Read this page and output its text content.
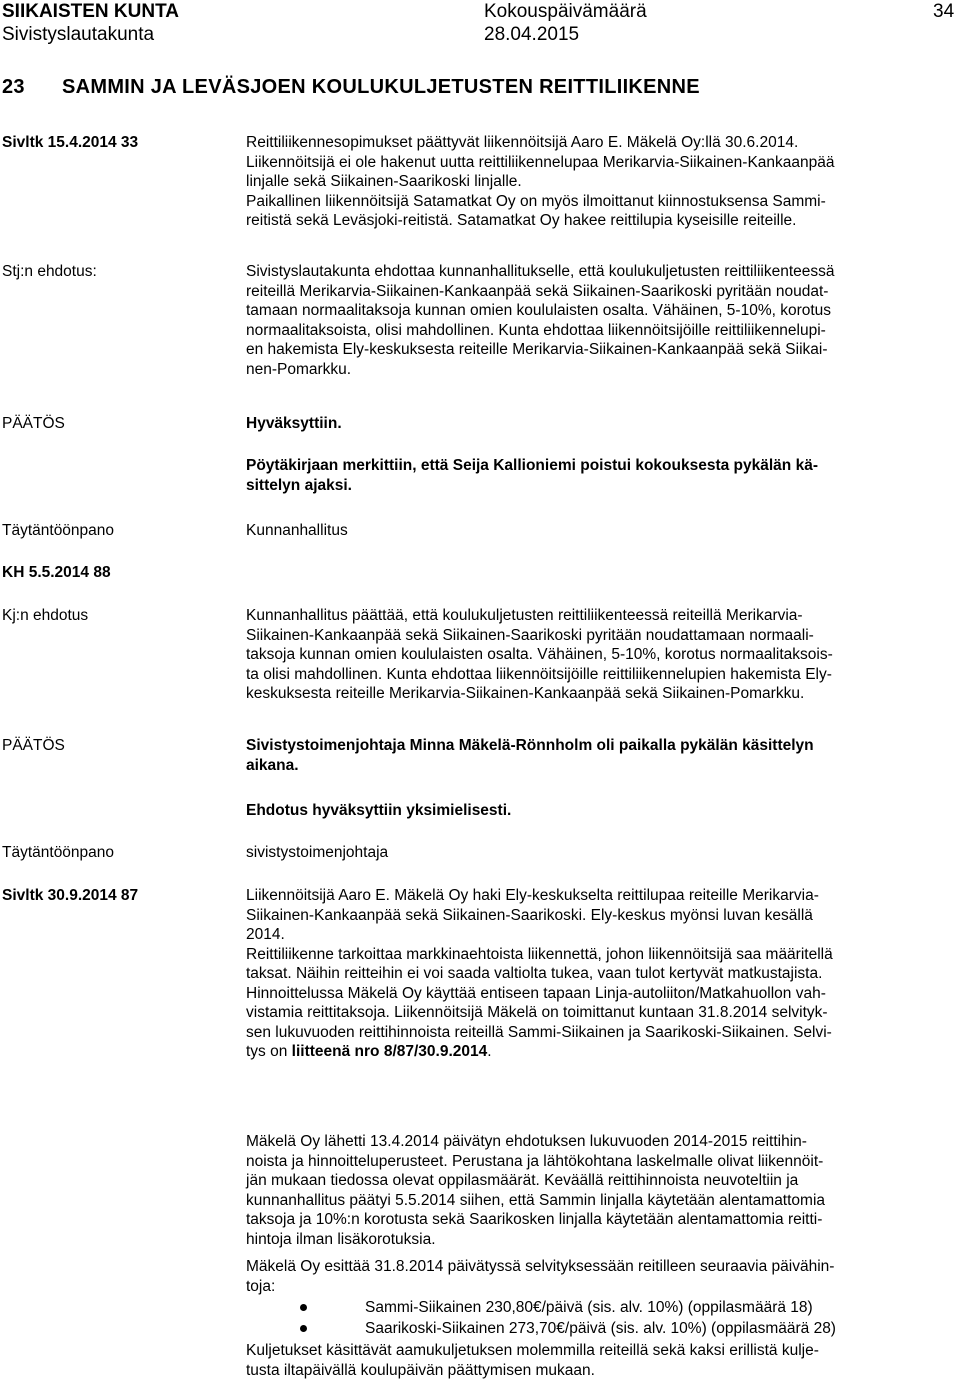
SIIKAISTEN KUNTA
Sivistyslautakunta
Kokouspäivämäärä
28.04.2015
34
23 SAMMIN JA LEVÄSJOEN KOULUKULJETUSTEN REITTILIIKENNE
Sivltk 15.4.2014 33	Reittiliikennesopimukset päättyvät liikennöitsijä Aaro E. Mäkelä Oy:llä 30.6.2014.

Liikennöitsijä ei ole hakenut uutta reittiliikennelupaa Merikarvia-Siikainen-Kankaanpää

linjalle sekä Siikainen-Saarikoski linjalle.

Paikallinen liikennöitsijä Satamatkat Oy on myös ilmoittanut kiinnostuksensa Sammi-

reitistä sekä Leväsjoki-reitistä. Satamatkat Oy hakee reittilupia kyseisille reiteille.

Stj:n ehdotus:	Sivistyslautakunta ehdottaa kunnanhallitukselle, että koulukuljetusten reittiliikenteessä

reiteillä Merikarvia-Siikainen-Kankaanpää sekä Siikainen-Saarikoski pyritään noudat-

tamaan normaalitaksoja kunnan omien koululaisten osalta. Vähäinen, 5-10%, korotus

normaalitaksoista, olisi mahdollinen. Kunta ehdottaa liikennöitsijöille reittiliikennelupi-

en hakemista Ely-keskuksesta reiteille Merikarvia-Siikainen-Kankaanpää sekä Siikai-

nen-Pomarkku.

PÄÄTÖS	Hyväksyttiin.

Pöytäkirjaan merkittiin, että Seija Kallioniemi poistui kokouksesta pykälän kä-

sittelyn ajaksi.

Täytäntöönpano	Kunnanhallitus
KH 5.5.2014 88
Kj:n ehdotus	Kunnanhallitus päättää, että koulukuljetusten reittiliikenteessä reiteillä Merikarvia-

Siikainen-Kankaanpää sekä Siikainen-Saarikoski pyritään noudattamaan normaali-

taksoja kunnan omien koululaisten osalta. Vähäinen, 5-10%, korotus normaalitaksois-

ta olisi mahdollinen. Kunta ehdottaa liikennöitsijöille reittiliikennelupien hakemista Ely-

keskuksesta reiteille Merikarvia-Siikainen-Kankaanpää sekä Siikainen-Pomarkku.

PÄÄTÖS	Sivistystoimenjohtaja Minna Mäkelä-Rönnholm oli paikalla pykälän käsittelyn

aikana.

Ehdotus hyväksyttiin yksimielisesti.
Täytäntöönpano	sivistystoimenjohtaja
Sivltk 30.9.2014 87	Liikennöitsijä Aaro E. Mäkelä Oy haki Ely-keskukselta reittilupaa reiteille Merikarvia-

Siikainen-Kankaanpää sekä Siikainen-Saarikoski. Ely-keskus myönsi luvan kesällä

2014.

Reittiliikenne tarkoittaa markkinaehtoista liikennettä, johon liikennöitsijä saa määritellä

taksat. Näihin reitteihin ei voi saada valtiolta tukea, vaan tulot kertyvät matkustajista.

Hinnoittelussa Mäkelä Oy käyttää entiseen tapaan Linja-autoliiton/Matkahuollon vah-

vistamia reittitaksoja. Liikennöitsijä Mäkelä on toimittanut kuntaan 31.8.2014 selvityk-

sen lukuvuoden reittihinnoista reiteillä Sammi-Siikainen ja Saarikoski-Siikainen. Selvi-

tys on liitteenä nro 8/87/30.9.2014.

Mäkelä Oy lähetti 13.4.2014 päivätyn ehdotuksen lukuvuoden 2014-2015 reittihin-

noista ja hinnoitteluperusteet. Perustana ja lähtökohtana laskelmalle olivat liikennöit-

jän mukaan tiedossa olevat oppilasmäärät. Keväällä reittihinnoista neuvoteltiin ja

kunnanhallitus päätyi 5.5.2014 siihen, että Sammin linjalla käytetään alentamattomia

taksoja ja 10%:n korotusta sekä Saarikosken linjalla käytetään alentamattomia reitti-

hintoja ilman lisäkorotuksia.

Mäkelä Oy esittää 31.8.2014 päivätyssä selvityksessään reitilleen seuraavia päivähin-

toja:

Sammi-Siikainen 230,80€/päivä (sis. alv. 10%) (oppilasmäärä 18)
Saarikoski-Siikainen 273,70€/päivä (sis. alv. 10%) (oppilasmäärä 28)

Kuljetukset käsittävät aamukuljetuksen molemmilla reiteillä sekä kaksi erillistä kulje-

tusta iltapäivällä koulupäivän päättymisen mukaan.
